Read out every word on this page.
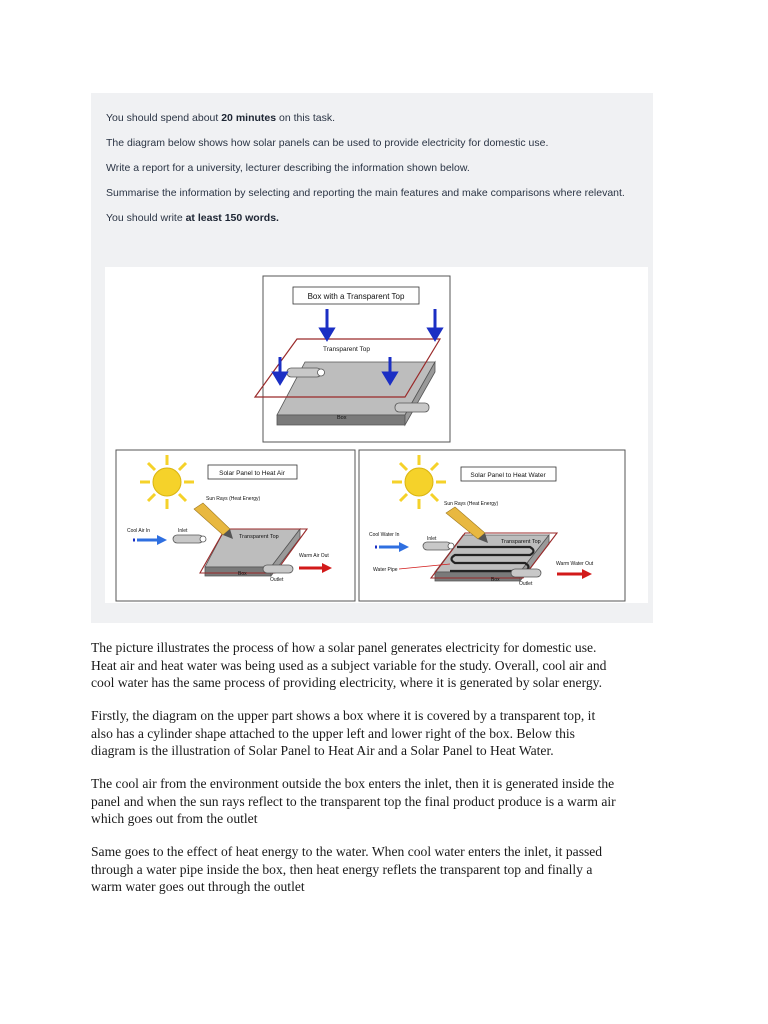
You should spend about 20 minutes on this task.
The diagram below shows how solar panels can be used to provide electricity for domestic use.
Write a report for a university, lecturer describing the information shown below.
Summarise the information by selecting and reporting the main features and make comparisons where relevant.
You should write at least 150 words.
Box with a Transparent Top
Transparent Top
Box
Solar Panel to Heat Air
Sun Rays (Heat Energy)
Transparent Top
Inlet
Outlet
Box
Cool Air In
Warm Air Out
Solar Panel to Heat Water
Sun Rays (Heat Energy)
Transparent Top
Inlet
Outlet
Box
Water Pipe
Cool Water In
Warm Water Out

The picture illustrates the process of how a solar panel generates electricity for domestic use.

Heat air and heat water was being used as a subject variable for the study. Overall, cool air and

cool water has the same process of providing electricity, where it is generated by solar energy.

Firstly, the diagram on the upper part shows a box where it is covered by a transparent top, it

also has a cylinder shape attached to the upper left and lower right of the box. Below this

diagram is the illustration of Solar Panel to Heat Air and a Solar Panel to Heat Water.

The cool air from the environment outside the box enters the inlet, then it is generated inside the

panel and when the sun rays reflect to the transparent top the final product produce is a warm air

which goes out from the outlet

Same goes to the effect of heat energy to the water. When cool water enters the inlet, it passed

through a water pipe inside the box, then heat energy reflets the transparent top and finally a

warm water goes out through the outlet
